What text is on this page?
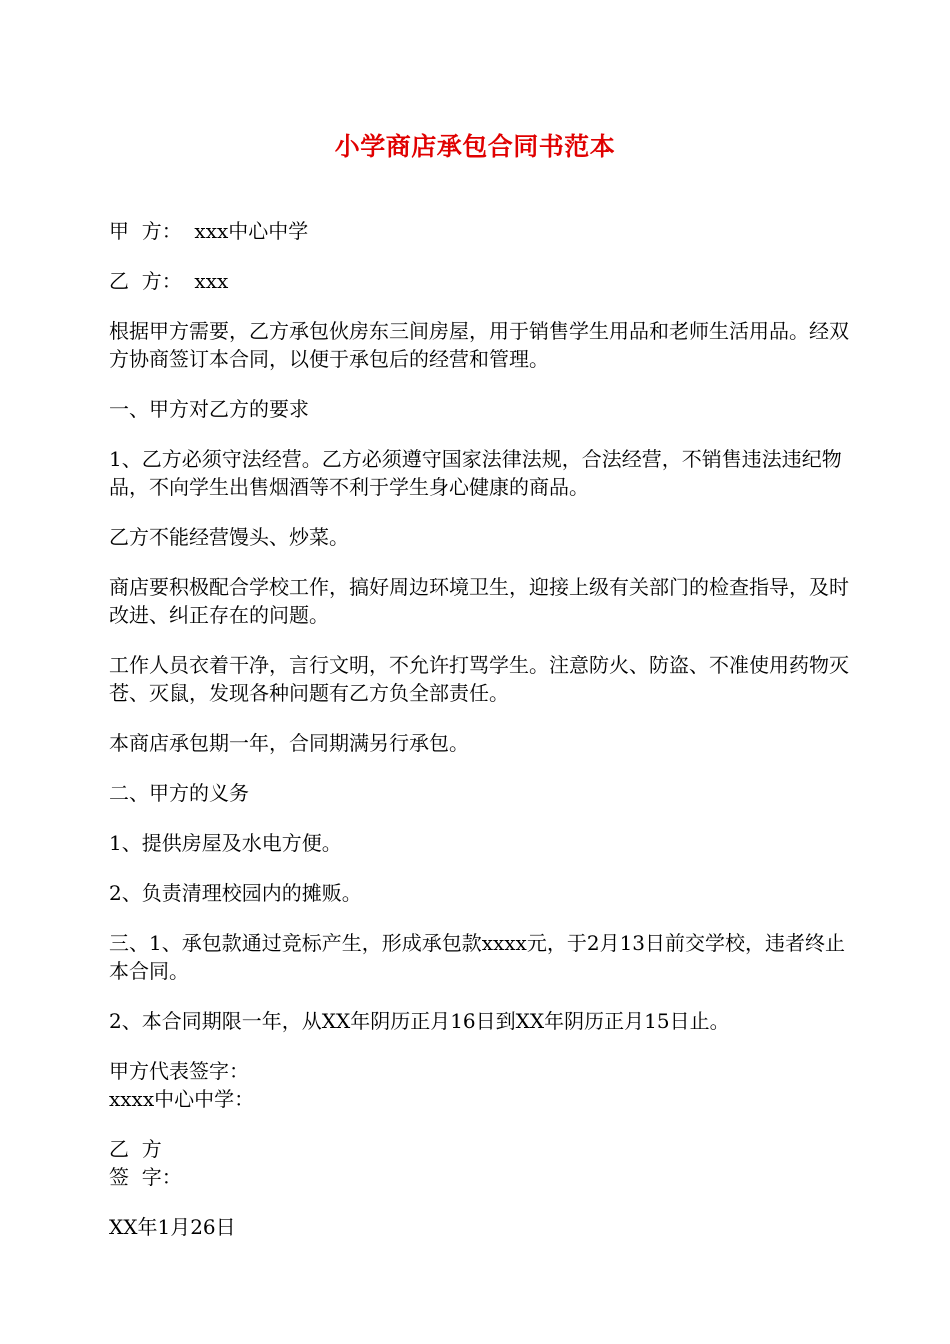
小学商店承包合同书范本

甲  方：  xxx中心中学

乙  方：  xxx

根据甲方需要，乙方承包伙房东三间房屋，用于销售学生用品和老师生活用品。经双方协商签订本合同，以便于承包后的经营和管理。

一、甲方对乙方的要求

1、乙方必须守法经营。乙方必须遵守国家法律法规，合法经营，不销售违法违纪物品，不向学生出售烟酒等不利于学生身心健康的商品。

乙方不能经营馒头、炒菜。

商店要积极配合学校工作，搞好周边环境卫生，迎接上级有关部门的检查指导，及时改进、纠正存在的问题。

工作人员衣着干净，言行文明，不允许打骂学生。注意防火、防盗、不准使用药物灭苍、灭鼠，发现各种问题有乙方负全部责任。

本商店承包期一年，合同期满另行承包。

二、甲方的义务

1、提供房屋及水电方便。

2、负责清理校园内的摊贩。

三、1、承包款通过竞标产生，形成承包款xxxx元，于2月13日前交学校，违者终止本合同。

2、本合同期限一年，从XX年阴历正月16日到XX年阴历正月15日止。

甲方代表签字：

xxxx中心中学：

乙  方

签  字：

XX年1月26日
